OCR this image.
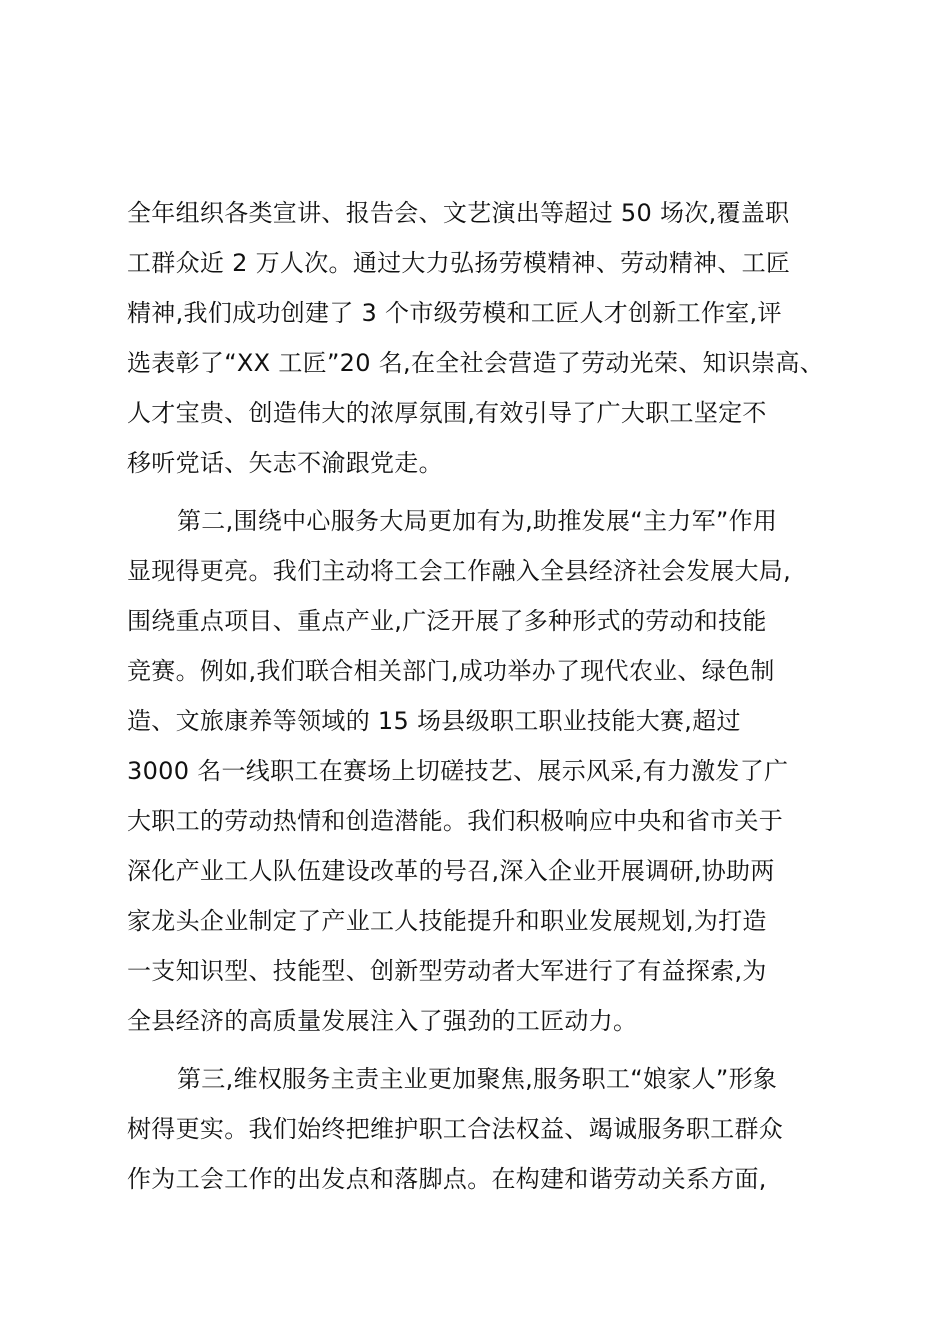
全年组织各类宣讲、报告会、文艺演出等超过 50 场次,覆盖职
工群众近 2 万人次。通过大力弘扬劳模精神、劳动精神、工匠
精神,我们成功创建了 3 个市级劳模和工匠人才创新工作室,评
选表彰了“XX 工匠”20 名,在全社会营造了劳动光荣、知识崇高、
人才宝贵、创造伟大的浓厚氛围,有效引导了广大职工坚定不
移听党话、矢志不渝跟党走。
第二,围绕中心服务大局更加有为,助推发展“主力军”作用
显现得更亮。我们主动将工会工作融入全县经济社会发展大局,
围绕重点项目、重点产业,广泛开展了多种形式的劳动和技能
竞赛。例如,我们联合相关部门,成功举办了现代农业、绿色制
造、文旅康养等领域的 15 场县级职工职业技能大赛,超过
3000 名一线职工在赛场上切磋技艺、展示风采,有力激发了广
大职工的劳动热情和创造潜能。我们积极响应中央和省市关于
深化产业工人队伍建设改革的号召,深入企业开展调研,协助两
家龙头企业制定了产业工人技能提升和职业发展规划,为打造
一支知识型、技能型、创新型劳动者大军进行了有益探索,为
全县经济的高质量发展注入了强劲的工匠动力。
第三,维权服务主责主业更加聚焦,服务职工“娘家人”形象
树得更实。我们始终把维护职工合法权益、竭诚服务职工群众
作为工会工作的出发点和落脚点。在构建和谐劳动关系方面,
